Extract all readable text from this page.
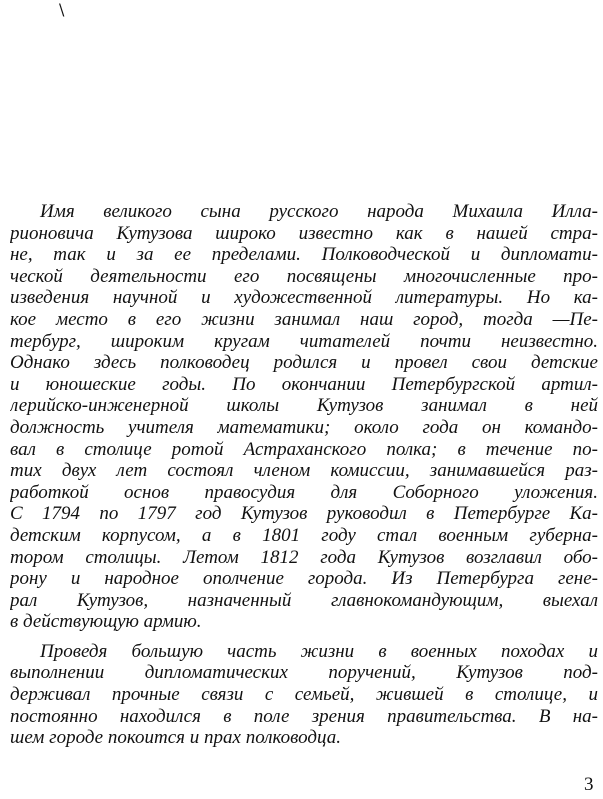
\
Имя великого сына русского народа Михаила Илла-
рионовича Кутузова широко известно как в нашей стра-
не, так и за ее пределами. Полководческой и дипломати-
ческой деятельности его посвящены многочисленные про-
изведения научной и художественной литературы. Но ка-
кое место в его жизни занимал наш город, тогда —Пе-
тербург, широким кругам читателей почти неизвестно.
Однако здесь полководец родился и провел свои детские
и юношеские годы. По окончании Петербургской артил-
лерийско-инженерной школы Кутузов занимал в ней
должность учителя математики; около года он командо-
вал в столице ротой Астраханского полка; в течение по-
тих двух лет состоял членом комиссии, занимавшейся раз-
работкой основ правосудия для Соборного уложения.
С 1794 по 1797 год Кутузов руководил в Петербурге Ка-
детским корпусом, а в 1801 году стал военным губерна-
тором столицы. Летом 1812 года Кутузов возглавил обо-
рону и народное ополчение города. Из Петербурга гене-
рал Кутузов, назначенный главнокомандующим, выехал
в действующую армию.
Проведя большую часть жизни в военных походах и
выполнении дипломатических поручений, Кутузов под-
держивал прочные связи с семьей, жившей в столице, и
постоянно находился в поле зрения правительства. В на-
шем городе покоится и прах полководца.
3
